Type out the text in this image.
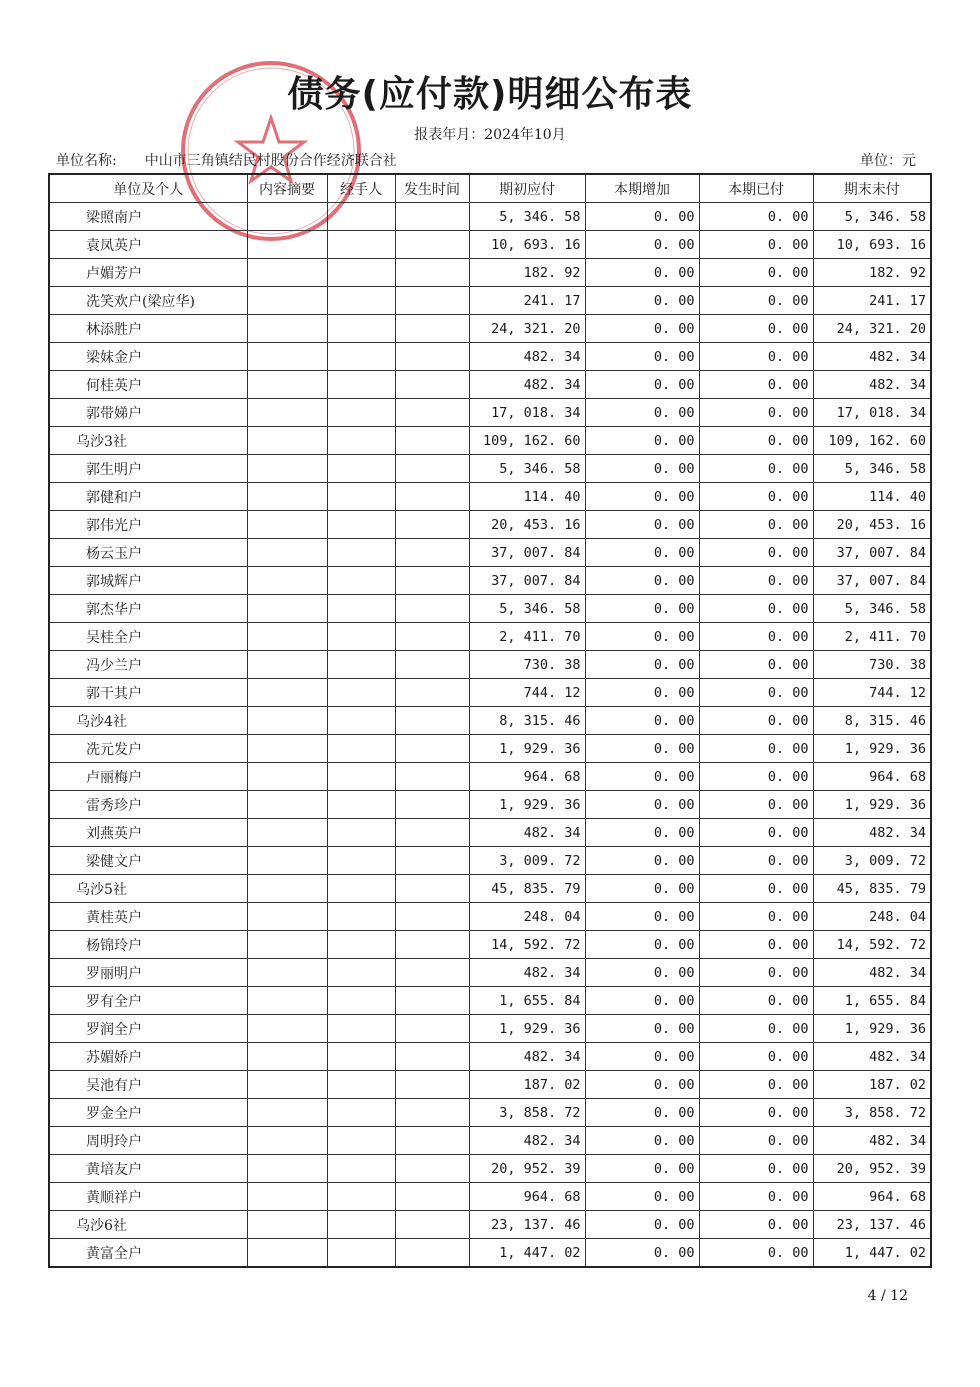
债务(应付款)明细公布表
报表年月：2024年10月
单位名称: 中山市三角镇结民村股份合作经济联合社	单位：元
单位及个人	内容摘要	经手人	发生时间	期初应付	本期增加	本期已付	期末未付
梁照南户				5, 346. 58	0. 00	0. 00	5, 346. 58
袁凤英户				10, 693. 16	0. 00	0. 00	10, 693. 16
卢媚芳户				182. 92	0. 00	0. 00	182. 92
冼笑欢户(梁应华)				241. 17	0. 00	0. 00	241. 17
林添胜户				24, 321. 20	0. 00	0. 00	24, 321. 20
梁妹金户				482. 34	0. 00	0. 00	482. 34
何桂英户				482. 34	0. 00	0. 00	482. 34
郭带娣户				17, 018. 34	0. 00	0. 00	17, 018. 34
乌沙3社				109, 162. 60	0. 00	0. 00	109, 162. 60
郭生明户				5, 346. 58	0. 00	0. 00	5, 346. 58
郭健和户				114. 40	0. 00	0. 00	114. 40
郭伟光户				20, 453. 16	0. 00	0. 00	20, 453. 16
杨云玉户				37, 007. 84	0. 00	0. 00	37, 007. 84
郭城辉户				37, 007. 84	0. 00	0. 00	37, 007. 84
郭杰华户				5, 346. 58	0. 00	0. 00	5, 346. 58
吴桂全户				2, 411. 70	0. 00	0. 00	2, 411. 70
冯少兰户				730. 38	0. 00	0. 00	730. 38
郭干其户				744. 12	0. 00	0. 00	744. 12
乌沙4社				8, 315. 46	0. 00	0. 00	8, 315. 46
冼元发户				1, 929. 36	0. 00	0. 00	1, 929. 36
卢丽梅户				964. 68	0. 00	0. 00	964. 68
雷秀珍户				1, 929. 36	0. 00	0. 00	1, 929. 36
刘燕英户				482. 34	0. 00	0. 00	482. 34
梁健文户				3, 009. 72	0. 00	0. 00	3, 009. 72
乌沙5社				45, 835. 79	0. 00	0. 00	45, 835. 79
黄桂英户				248. 04	0. 00	0. 00	248. 04
杨锦玲户				14, 592. 72	0. 00	0. 00	14, 592. 72
罗丽明户				482. 34	0. 00	0. 00	482. 34
罗有全户				1, 655. 84	0. 00	0. 00	1, 655. 84
罗润全户				1, 929. 36	0. 00	0. 00	1, 929. 36
苏媚娇户				482. 34	0. 00	0. 00	482. 34
吴池有户				187. 02	0. 00	0. 00	187. 02
罗金全户				3, 858. 72	0. 00	0. 00	3, 858. 72
周明玲户				482. 34	0. 00	0. 00	482. 34
黄培友户				20, 952. 39	0. 00	0. 00	20, 952. 39
黄顺祥户				964. 68	0. 00	0. 00	964. 68
乌沙6社				23, 137. 46	0. 00	0. 00	23, 137. 46
黄富全户				1, 447. 02	0. 00	0. 00	1, 447. 02
4 / 12
